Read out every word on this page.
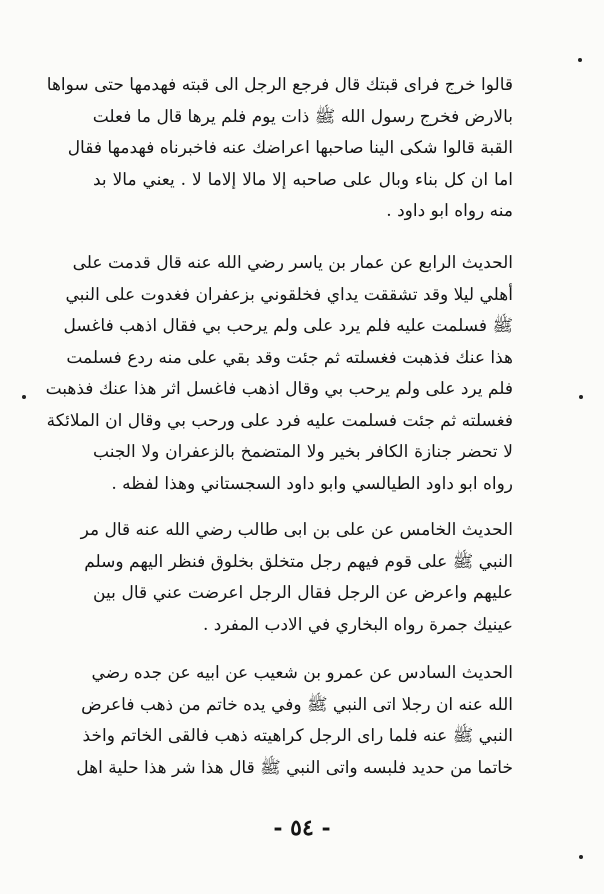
قالوا خرج فرای قبتك قال فرجع الرجل الی قبته فهدمها حتی سواها
بالارض فخرج رسول الله ﷺ ذات يوم فلم يرها قال ما فعلت
القبة قالوا شكى الينا صاحبها اعراضك عنه فاخبرناه فهدمها فقال
اما ان كل بناء وبال على صاحبه إلا مالا إلاما لا . يعني مالا بد
منه رواه ابو داود .
الحديث الرابع عن عمار بن ياسر رضي الله عنه قال قدمت على
أهلي ليلا وقد تشققت يداي فخلقوني بزعفران فغدوت على النبي
ﷺ فسلمت عليه فلم يرد على ولم يرحب بي فقال اذهب فاغسل
هذا عنك فذهبت فغسلته ثم جئت وقد بقي على منه ردع فسلمت
فلم يرد على ولم يرحب بي وقال اذهب فاغسل اثر هذا عنك فذهبت
فغسلته ثم جئت فسلمت عليه فرد على ورحب بي وقال ان الملائكة
لا تحضر جنازة الكافر بخير ولا المتضمخ بالزعفران ولا الجنب
رواه ابو داود الطيالسي وابو داود السجستاني وهذا لفظه .
الحديث الخامس عن على بن ابى طالب رضي الله عنه قال مر
النبي ﷺ على قوم فيهم رجل متخلق بخلوق فنظر اليهم وسلم
عليهم واعرض عن الرجل فقال الرجل اعرضت عني قال بين
عينيك جمرة رواه البخاري في الادب المفرد .
الحديث السادس عن عمرو بن شعيب عن ابيه عن جده رضي
الله عنه ان رجلا اتى النبي ﷺ وفي يده خاتم من ذهب فاعرض
النبي ﷺ عنه فلما راى الرجل كراهيته ذهب فالقى الخاتم واخذ
خاتما من حديد فلبسه واتى النبي ﷺ قال هذا شر هذا حلية اهل
- ٥٤ -
